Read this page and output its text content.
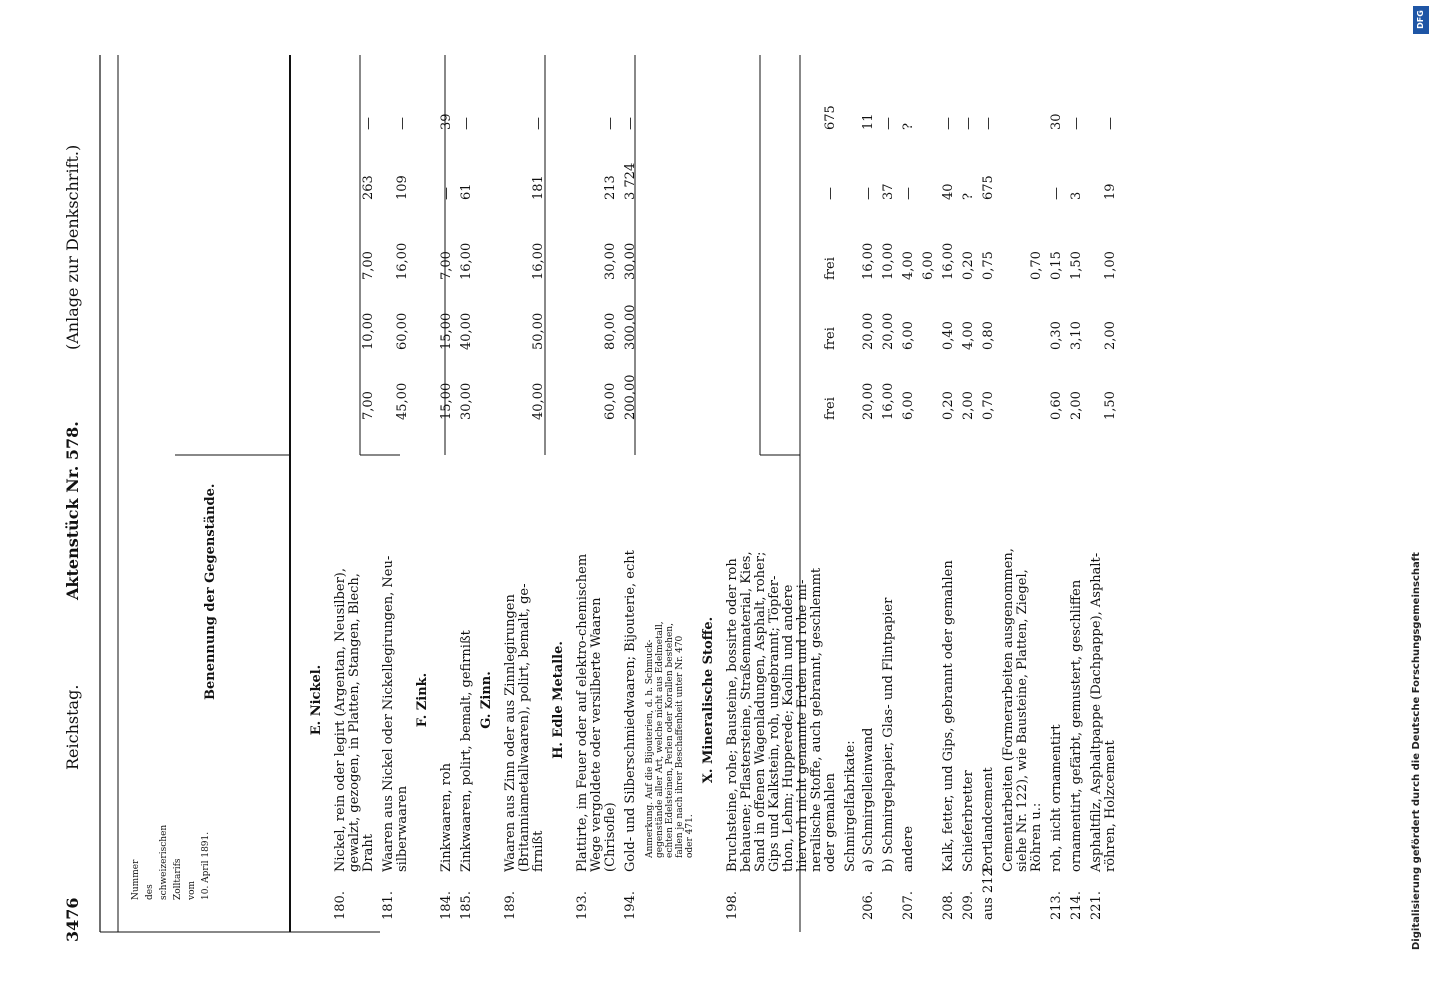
3476
Reichstag.
Aktenstück Nr. 578.
(Anlage zur Denkschrift.)
Nummer des schweizerischen Zolltarifs vom 10. April 1891.
Benennung der Gegenstände.	E. Nickel.
180.
Nickel, rein oder legirt (Argentan, Neusilber), gewalzt, gezogen, in Platten, Stangen, Blech, Draht
7,00
10,00
7,00
263
—
181.
Waaren aus Nickel oder Nickellegirungen, Neu- silberwaaren
45,00
60,00
16,00
109
—
F. Zink.
184.
Zinkwaaren, roh
15,00
15,00
7,00
—
39
185.
Zinkwaaren, polirt, bemalt, gefirnißt
30,00
40,00
16,00
61
—
G. Zinn.
189.
Waaren aus Zinn oder aus Zinnlegirungen (Britanniametallwaaren), polirt, bemalt, ge- firnißt
40,00
50,00
16,00
181
—
H. Edle Metalle.
193.
Plattirte, im Feuer oder auf elektro-chemischem Wege vergoldete oder versilberte Waaren (Chrisofle)
60,00
80,00
30,00
213
—
194.
Gold- und Silberschmiedwaaren; Bijouterie, echt
200,00
300,00
30,00
3 724
—
Anmerkung. Auf die Bijouterien, d. h. Schmuck- gegenstände aller Art, welche nicht aus Edelmetall, echten Edelsteinen, Perlen oder Korallen bestehen, fallen je nach ihrer Beschaffenheit unter Nr. 470 oder 471.
X. Mineralische Stoffe.
198.
Bruchsteine, rohe; Bausteine, bossirte oder roh behauene; Pflastersteine, Straßenmaterial, Kies, Sand in offenen Wagenladungen, Asphalt, roher; Gips und Kalkstein, roh, ungebrannt; Töpfer- thon, Lehm; Hupperede; Kaolin und andere hiervorh nicht genannte Erden und rohe mi- neralische Stoffe, auch gebrannt, geschlemmt oder gemahlen
frei
frei
frei
—
675
Schmirgelfabrikate:
206.
a) Schmirgelleinwand
20,00
20,00
16,00
—
11
b) Schmirgelpapier, Glas- und Flintpapier
16,00
20,00
10,00
37
—
207.
andere
6,00
6,00
4,00
—
?
6,00
208.
Kalk, fetter, und Gips, gebrannt oder gemahlen
0,20
0,40
16,00
40
—
209.
Schieferbretter
2,00
4,00
0,20
?
—
aus 212.
Portlandcement
0,70
0,80
0,75
675
—
Cementarbeiten (Formerarbeiten ausgenommen, siehe Nr. 122), wie Bausteine, Platten, Ziegel, Röhren u.:
0,70
213.
roh, nicht ornamentirt
0,60
0,30
0,15
—
30
214.
ornamentirt, gefärbt, gemustert, geschliffen
2,00
3,10
1,50
3
—
221.
Asphaltfilz, Asphaltpappe (Dachpappe), Asphalt- röhren, Holzcement
1,50
2,00
1,00
19
—
Digitalisierung gefördert durch die Deutsche Forschungsgemeinschaft
DFG
